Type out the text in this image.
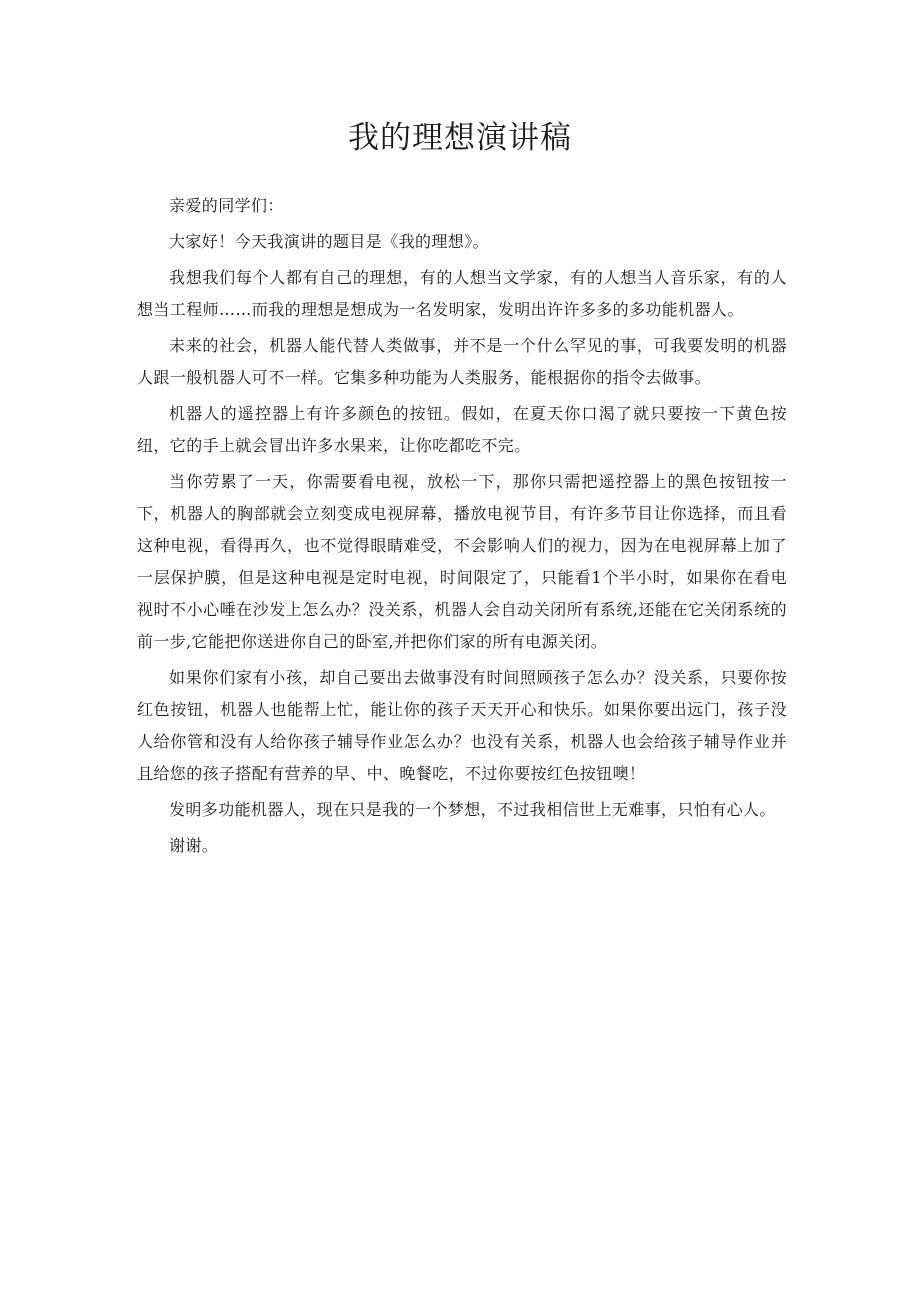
我的理想演讲稿

亲爱的同学们：

大家好！今天我演讲的题目是《我的理想》。

我想我们每个人都有自己的理想，有的人想当文学家，有的人想当人音乐家，有的人想当工程师……而我的理想是想成为一名发明家，发明出许许多多的多功能机器人。

未来的社会，机器人能代替人类做事，并不是一个什么罕见的事，可我要发明的机器人跟一般机器人可不一样。它集多种功能为人类服务，能根据你的指令去做事。

机器人的遥控器上有许多颜色的按钮。假如，在夏天你口渴了就只要按一下黄色按纽，它的手上就会冒出许多水果来，让你吃都吃不完。

当你劳累了一天，你需要看电视，放松一下，那你只需把遥控器上的黑色按钮按一下，机器人的胸部就会立刻变成电视屏幕，播放电视节目，有许多节目让你选择，而且看这种电视，看得再久，也不觉得眼睛难受，不会影响人们的视力，因为在电视屏幕上加了一层保护膜，但是这种电视是定时电视，时间限定了，只能看1个半小时，如果你在看电视时不小心唾在沙发上怎么办？没关系，机器人会自动关闭所有系统,还能在它关闭系统的前一步,它能把你送进你自己的卧室,并把你们家的所有电源关闭。

如果你们家有小孩，却自己要出去做事没有时间照顾孩子怎么办？没关系，只要你按红色按钮，机器人也能帮上忙，能让你的孩子天天开心和快乐。如果你要出远门，孩子没人给你管和没有人给你孩子辅导作业怎么办？也没有关系，机器人也会给孩子辅导作业并且给您的孩子搭配有营养的早、中、晚餐吃，不过你要按红色按钮噢！

发明多功能机器人，现在只是我的一个梦想，不过我相信世上无难事，只怕有心人。

谢谢。
